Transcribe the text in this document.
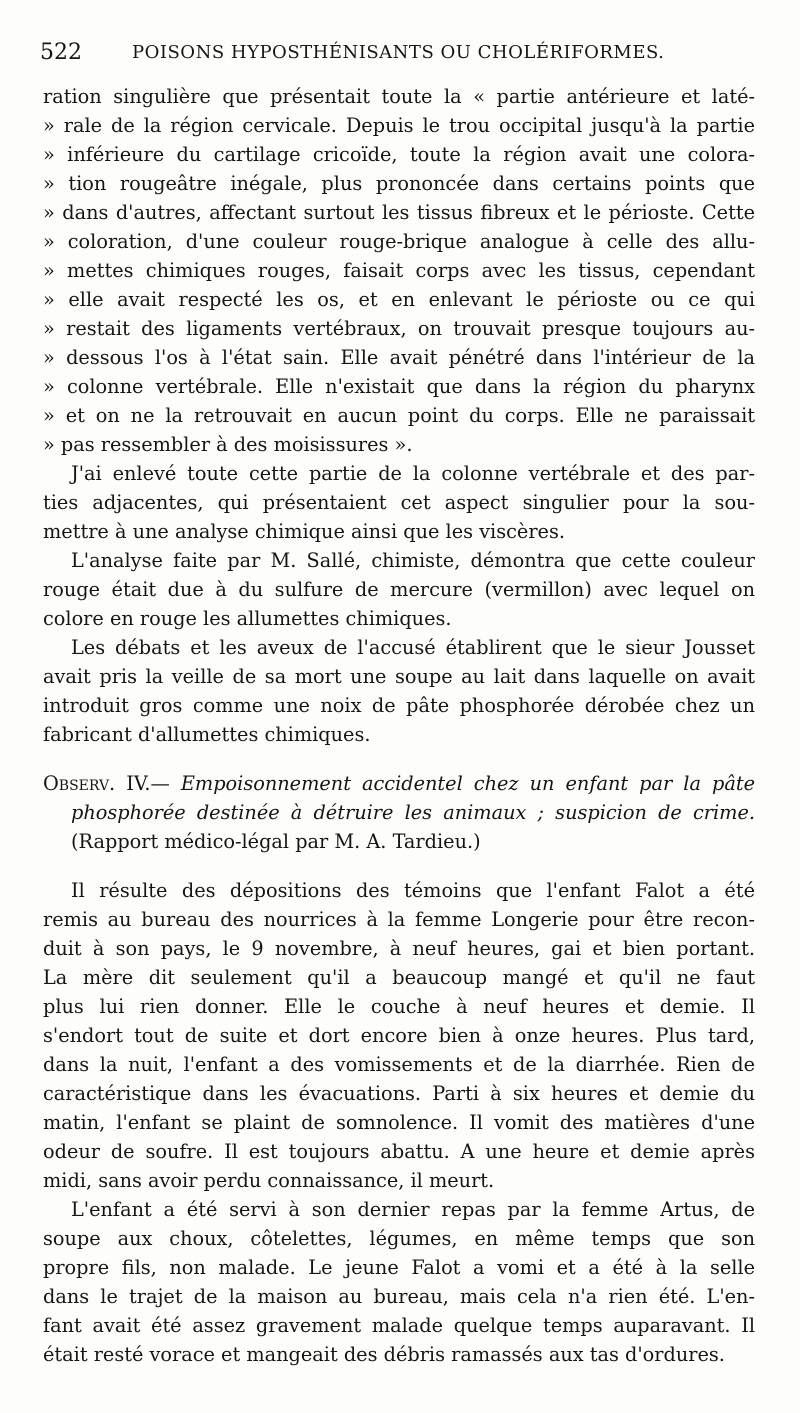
522	POISONS HYPOSTHÉNISANTS OU CHOLÉRIFORMES.
ration singulière que présentait toute la « partie antérieure et laté-
» rale de la région cervicale. Depuis le trou occipital jusqu'à la partie
» inférieure du cartilage cricoïde, toute la région avait une colora-
» tion rougeâtre inégale, plus prononcée dans certains points que
» dans d'autres, affectant surtout les tissus fibreux et le périoste. Cette
» coloration, d'une couleur rouge-brique analogue à celle des allu-
» mettes chimiques rouges, faisait corps avec les tissus, cependant
» elle avait respecté les os, et en enlevant le périoste ou ce qui
» restait des ligaments vertébraux, on trouvait presque toujours au-
» dessous l'os à l'état sain. Elle avait pénétré dans l'intérieur de la
» colonne vertébrale. Elle n'existait que dans la région du pharynx
» et on ne la retrouvait en aucun point du corps. Elle ne paraissait
» pas ressembler à des moisissures ».
J'ai enlevé toute cette partie de la colonne vertébrale et des par-
ties adjacentes, qui présentaient cet aspect singulier pour la sou-
mettre à une analyse chimique ainsi que les viscères.
L'analyse faite par M. Sallé, chimiste, démontra que cette couleur
rouge était due à du sulfure de mercure (vermillon) avec lequel on
colore en rouge les allumettes chimiques.
Les débats et les aveux de l'accusé établirent que le sieur Jousset
avait pris la veille de sa mort une soupe au lait dans laquelle on avait
introduit gros comme une noix de pâte phosphorée dérobée chez un
fabricant d'allumettes chimiques.
Observ. IV.— Empoisonnement accidentel chez un enfant par la pâte
phosphorée destinée à détruire les animaux ; suspicion de crime.
(Rapport médico-légal par M. A. Tardieu.)
Il résulte des dépositions des témoins que l'enfant Falot a été
remis au bureau des nourrices à la femme Longerie pour être recon-
duit à son pays, le 9 novembre, à neuf heures, gai et bien portant.
La mère dit seulement qu'il a beaucoup mangé et qu'il ne faut
plus lui rien donner. Elle le couche à neuf heures et demie. Il
s'endort tout de suite et dort encore bien à onze heures. Plus tard,
dans la nuit, l'enfant a des vomissements et de la diarrhée. Rien de
caractéristique dans les évacuations. Parti à six heures et demie du
matin, l'enfant se plaint de somnolence. Il vomit des matières d'une
odeur de soufre. Il est toujours abattu. A une heure et demie après
midi, sans avoir perdu connaissance, il meurt.
L'enfant a été servi à son dernier repas par la femme Artus, de
soupe aux choux, côtelettes, légumes, en même temps que son
propre fils, non malade. Le jeune Falot a vomi et a été à la selle
dans le trajet de la maison au bureau, mais cela n'a rien été. L'en-
fant avait été assez gravement malade quelque temps auparavant. Il
était resté vorace et mangeait des débris ramassés aux tas d'ordures.
